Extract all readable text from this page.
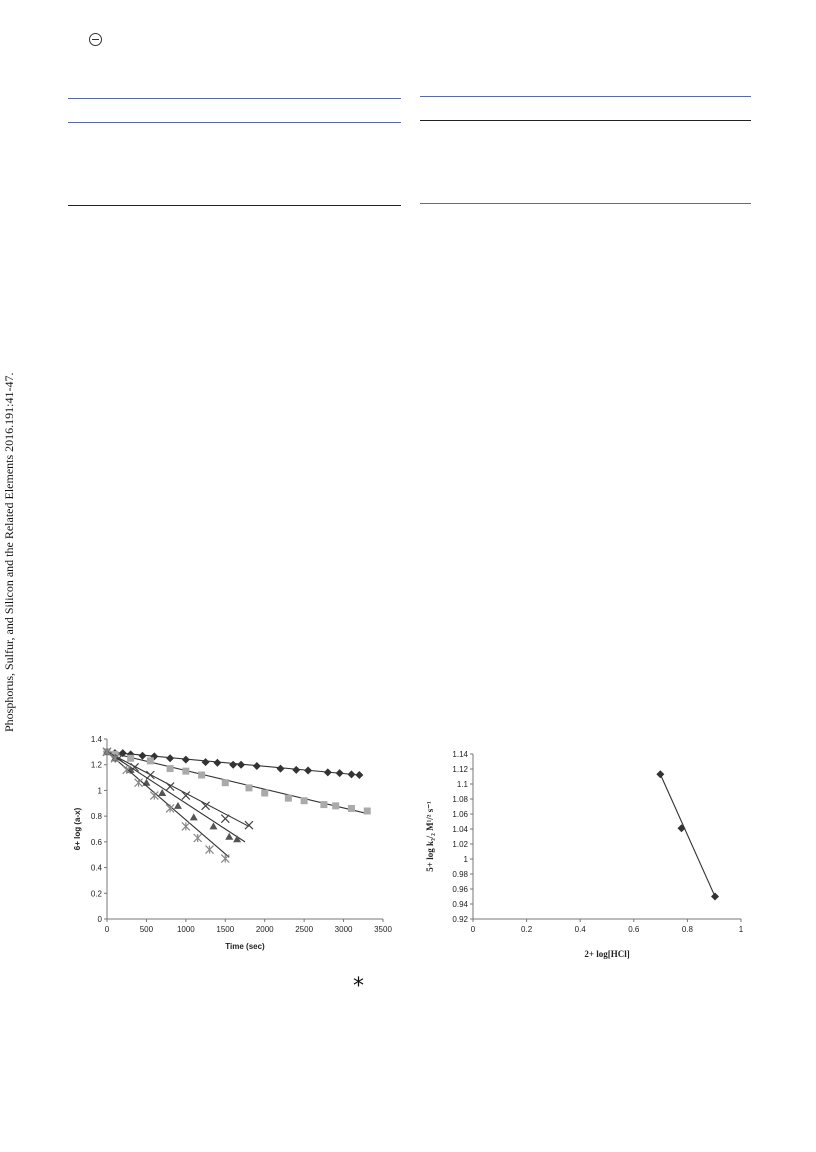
Phosphorus, Sulfur, and Silicon and the Related Elements 2016.191:41-47.
0	500	1000	1500	2000	2500	3000	3500
0
0.2
0.4
0.6
0.8
1
1.2
1.4
Time (sec)
6+ log (a-x)
0	0.2	0.4	0.6	0.8	1
0.92
0.94
0.96
0.98
1
1.02
1.04
1.06
1.08
1.1
1.12
1.14
2+ log[HCl]
5+ log k₃/₂ M¹/² s⁻¹
*
